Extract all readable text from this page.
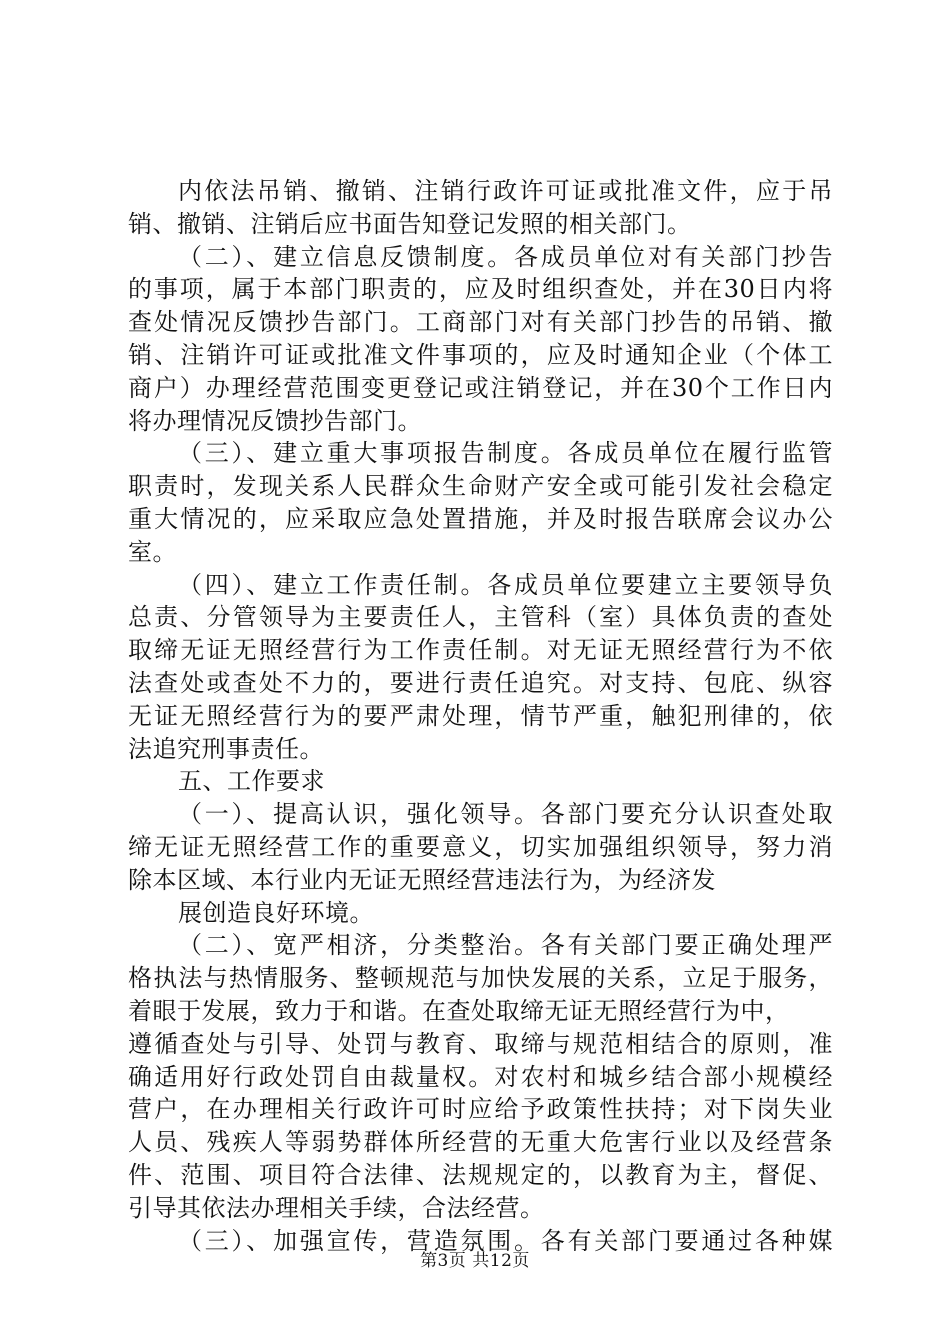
内依法吊销、撤销、注销行政许可证或批准文件，应于吊
销、撤销、注销后应书面告知登记发照的相关部门。
（二）、建立信息反馈制度。各成员单位对有关部门抄告
的事项，属于本部门职责的，应及时组织查处，并在30日内将
查处情况反馈抄告部门。工商部门对有关部门抄告的吊销、撤
销、注销许可证或批准文件事项的，应及时通知企业（个体工
商户）办理经营范围变更登记或注销登记，并在30个工作日内
将办理情况反馈抄告部门。
（三）、建立重大事项报告制度。各成员单位在履行监管
职责时，发现关系人民群众生命财产安全或可能引发社会稳定
重大情况的，应采取应急处置措施，并及时报告联席会议办公
室。
（四）、建立工作责任制。各成员单位要建立主要领导负
总责、分管领导为主要责任人，主管科（室）具体负责的查处
取缔无证无照经营行为工作责任制。对无证无照经营行为不依
法查处或查处不力的，要进行责任追究。对支持、包庇、纵容
无证无照经营行为的要严肃处理，情节严重，触犯刑律的，依
法追究刑事责任。
五、工作要求
（一）、提高认识，强化领导。各部门要充分认识查处取
缔无证无照经营工作的重要意义，切实加强组织领导，努力消
除本区域、本行业内无证无照经营违法行为，为经济发
展创造良好环境。
（二）、宽严相济，分类整治。各有关部门要正确处理严
格执法与热情服务、整顿规范与加快发展的关系，立足于服务，
着眼于发展，致力于和谐。在查处取缔无证无照经营行为中，
遵循查处与引导、处罚与教育、取缔与规范相结合的原则，准
确适用好行政处罚自由裁量权。对农村和城乡结合部小规模经
营户，在办理相关行政许可时应给予政策性扶持；对下岗失业
人员、残疾人等弱势群体所经营的无重大危害行业以及经营条
件、范围、项目符合法律、法规规定的，以教育为主，督促、
引导其依法办理相关手续，合法经营。
（三）、加强宣传，营造氛围。各有关部门要通过各种媒
第3页 共12页
